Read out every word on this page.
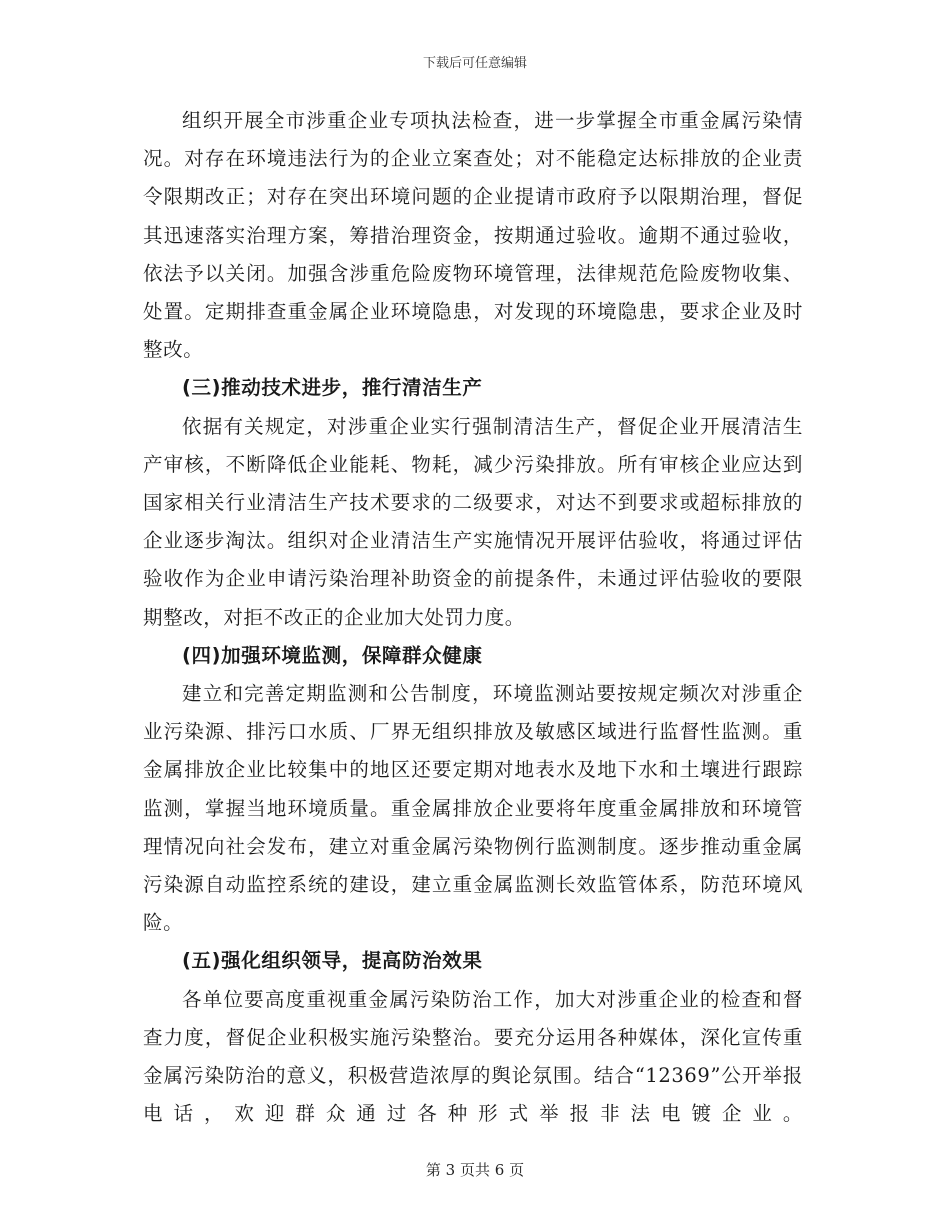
下载后可任意编辑

组织开展全市涉重企业专项执法检查，进一步掌握全市重金属污染情况。对存在环境违法行为的企业立案查处；对不能稳定达标排放的企业责令限期改正；对存在突出环境问题的企业提请市政府予以限期治理，督促其迅速落实治理方案，筹措治理资金，按期通过验收。逾期不通过验收，依法予以关闭。加强含涉重危险废物环境管理，法律规范危险废物收集、处置。定期排查重金属企业环境隐患，对发现的环境隐患，要求企业及时整改。

(三)推动技术进步，推行清洁生产

依据有关规定，对涉重企业实行强制清洁生产，督促企业开展清洁生产审核，不断降低企业能耗、物耗，减少污染排放。所有审核企业应达到国家相关行业清洁生产技术要求的二级要求，对达不到要求或超标排放的企业逐步淘汰。组织对企业清洁生产实施情况开展评估验收，将通过评估验收作为企业申请污染治理补助资金的前提条件，未通过评估验收的要限期整改，对拒不改正的企业加大处罚力度。

(四)加强环境监测，保障群众健康

建立和完善定期监测和公告制度，环境监测站要按规定频次对涉重企业污染源、排污口水质、厂界无组织排放及敏感区域进行监督性监测。重金属排放企业比较集中的地区还要定期对地表水及地下水和土壤进行跟踪监测，掌握当地环境质量。重金属排放企业要将年度重金属排放和环境管理情况向社会发布，建立对重金属污染物例行监测制度。逐步推动重金属污染源自动监控系统的建设，建立重金属监测长效监管体系，防范环境风险。

(五)强化组织领导，提高防治效果

各单位要高度重视重金属污染防治工作，加大对涉重企业的检查和督查力度，督促企业积极实施污染整治。要充分运用各种媒体，深化宣传重金属污染防治的意义，积极营造浓厚的舆论氛围。结合“12369”公开举报电话，欢迎群众通过各种形式举报非法电镀企业。

第 3 页共 6 页
